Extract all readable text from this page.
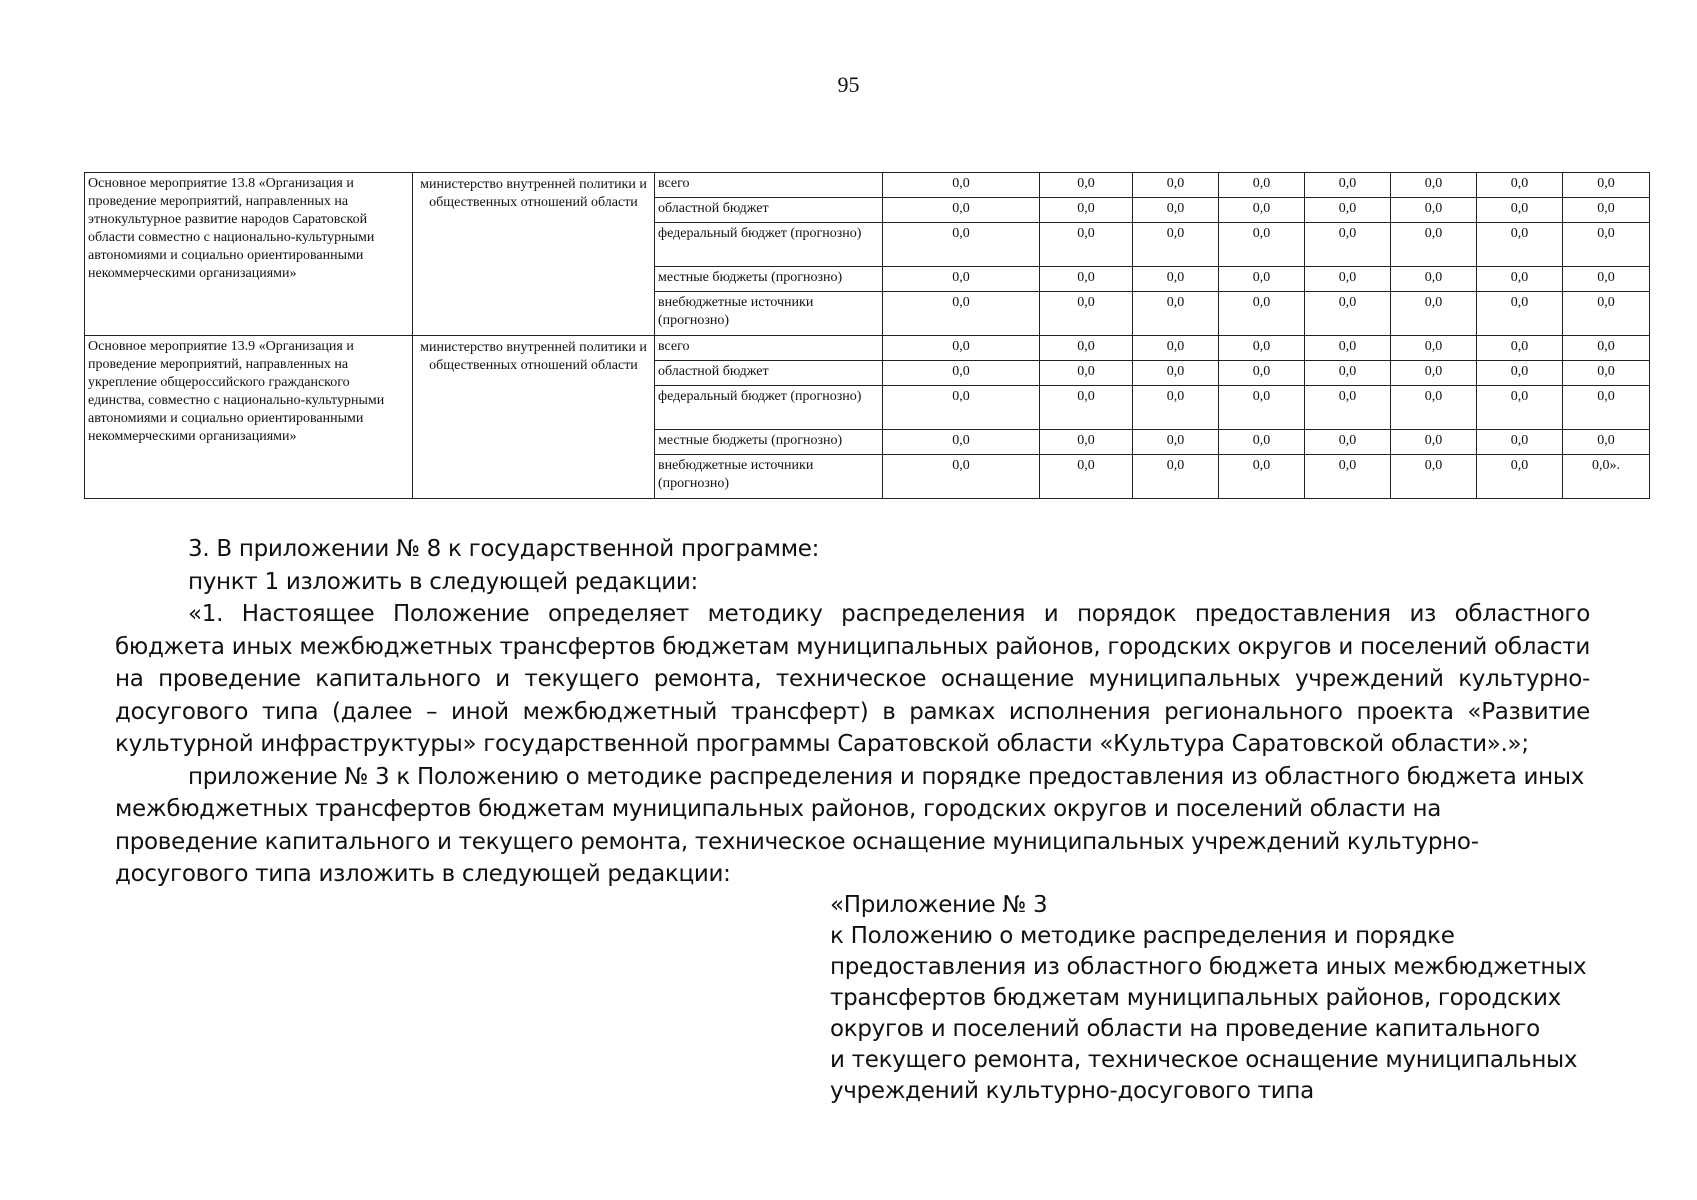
95
Основное мероприятие 13.8 «Организация и проведение мероприятий, направленных на этнокультурное развитие народов Саратовской области совместно с национально-культурными автономиями и социально ориентированными некоммерческими организациями»	министерство внутренней политики и общественных отношений области	всего	0,0	0,0	0,0	0,0	0,0	0,0	0,0	0,0
		областной бюджет	0,0	0,0	0,0	0,0	0,0	0,0	0,0	0,0
		федеральный бюджет (прогнозно)	0,0	0,0	0,0	0,0	0,0	0,0	0,0	0,0
		местные бюджеты (прогнозно)	0,0	0,0	0,0	0,0	0,0	0,0	0,0	0,0
		внебюджетные источники (прогнозно)	0,0	0,0	0,0	0,0	0,0	0,0	0,0	0,0
Основное мероприятие 13.9 «Организация и проведение мероприятий, направленных на укрепление общероссийского гражданского единства, совместно с национально-культурными автономиями и социально ориентированными некоммерческими организациями»	министерство внутренней политики и общественных отношений области	всего	0,0	0,0	0,0	0,0	0,0	0,0	0,0	0,0
		областной бюджет	0,0	0,0	0,0	0,0	0,0	0,0	0,0	0,0
		федеральный бюджет (прогнозно)	0,0	0,0	0,0	0,0	0,0	0,0	0,0	0,0
		местные бюджеты (прогнозно)	0,0	0,0	0,0	0,0	0,0	0,0	0,0	0,0
		внебюджетные источники (прогнозно)	0,0	0,0	0,0	0,0	0,0	0,0	0,0	0,0».

3. В приложении № 8 к государственной программе:

пункт 1 изложить в следующей редакции:

«1. Настоящее Положение определяет методику распределения и порядок предоставления из областного бюджета иных межбюджетных трансфертов бюджетам муниципальных районов, городских округов и поселений области на проведение капитального и текущего ремонта, техническое оснащение муниципальных учреждений культурно-досугового типа (далее – иной межбюджетный трансферт) в рамках исполнения регионального проекта «Развитие культурной инфраструктуры» государственной программы Саратовской области «Культура Саратовской области».»;

приложение № 3 к Положению о методике распределения и порядке предоставления из областного бюджета иных межбюджетных трансфертов бюджетам муниципальных районов, городских округов и поселений области на проведение капитального и текущего ремонта, техническое оснащение муниципальных учреждений культурно-досугового типа изложить в следующей редакции:

«Приложение № 3
к Положению о методике распределения и порядке
предоставления из областного бюджета иных межбюджетных
трансфертов бюджетам муниципальных районов, городских
округов и поселений области на проведение капитального
и текущего ремонта, техническое оснащение муниципальных
учреждений культурно-досугового типа
